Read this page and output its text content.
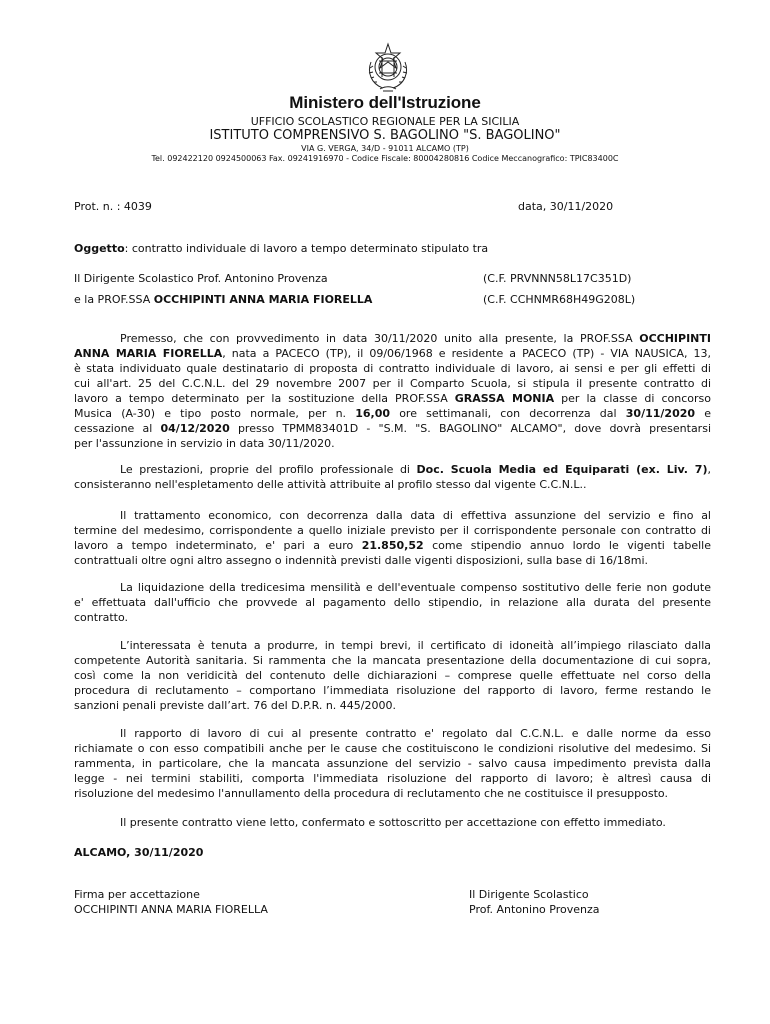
Ministero dell'Istruzione
UFFICIO SCOLASTICO REGIONALE PER LA SICILIA
ISTITUTO COMPRENSIVO S. BAGOLINO "S. BAGOLINO"
VIA G. VERGA, 34/D - 91011 ALCAMO (TP)
Tel. 092422120 0924500063 Fax. 09241916970 - Codice Fiscale: 80004280816 Codice Meccanografico: TPIC83400C
Prot. n. : 4039	data, 30/11/2020
Oggetto: contratto individuale di lavoro a tempo determinato stipulato tra
Il Dirigente Scolastico Prof. Antonino Provenza	(C.F. PRVNNN58L17C351D)
e la PROF.SSA OCCHIPINTI ANNA MARIA FIORELLA	(C.F. CCHNMR68H49G208L)
Premesso, che con provvedimento in data 30/11/2020 unito alla presente, la PROF.SSA OCCHIPINTI
ANNA MARIA FIORELLA, nata a PACECO (TP), il 09/06/1968 e residente a PACECO (TP) - VIA NAUSICA, 13,
è stata individuato quale destinatario di proposta di contratto individuale di lavoro, ai sensi e per gli effetti di
cui all'art. 25 del C.C.N.L. del 29 novembre 2007 per il Comparto Scuola, si stipula il presente contratto di
lavoro a tempo determinato per la sostituzione della PROF.SSA GRASSA MONIA per la classe di concorso
Musica (A-30) e tipo posto normale, per n. 16,00 ore settimanali, con decorrenza dal 30/11/2020 e
cessazione al 04/12/2020 presso TPMM83401D - "S.M. "S. BAGOLINO" ALCAMO", dove dovrà presentarsi
per l'assunzione in servizio in data 30/11/2020.
Le prestazioni, proprie del profilo professionale di Doc. Scuola Media ed Equiparati (ex. Liv. 7),
consisteranno nell'espletamento delle attività attribuite al profilo stesso dal vigente C.C.N.L..
Il trattamento economico, con decorrenza dalla data di effettiva assunzione del servizio e fino al
termine del medesimo, corrispondente a quello iniziale previsto per il corrispondente personale con contratto di
lavoro a tempo indeterminato, e' pari a euro 21.850,52 come stipendio annuo lordo le vigenti tabelle
contrattuali oltre ogni altro assegno o indennità previsti dalle vigenti disposizioni, sulla base di 16/18mi.
La liquidazione della tredicesima mensilità e dell'eventuale compenso sostitutivo delle ferie non godute
e' effettuata dall'ufficio che provvede al pagamento dello stipendio, in relazione alla durata del presente
contratto.
L’interessata è tenuta a produrre, in tempi brevi, il certificato di idoneità all’impiego rilasciato dalla
competente Autorità sanitaria. Si rammenta che la mancata presentazione della documentazione di cui sopra,
così come la non veridicità del contenuto delle dichiarazioni – comprese quelle effettuate nel corso della
procedura di reclutamento – comportano l’immediata risoluzione del rapporto di lavoro, ferme restando le
sanzioni penali previste dall’art. 76 del D.P.R. n. 445/2000.
Il rapporto di lavoro di cui al presente contratto e' regolato dal C.C.N.L. e dalle norme da esso
richiamate o con esso compatibili anche per le cause che costituiscono le condizioni risolutive del medesimo. Si
rammenta, in particolare, che la mancata assunzione del servizio - salvo causa impedimento prevista dalla
legge - nei termini stabiliti, comporta l'immediata risoluzione del rapporto di lavoro; è altresì causa di
risoluzione del medesimo l'annullamento della procedura di reclutamento che ne costituisce il presupposto.
Il presente contratto viene letto, confermato e sottoscritto per accettazione con effetto immediato.
ALCAMO, 30/11/2020
Firma per accettazione
OCCHIPINTI ANNA MARIA FIORELLA
Il Dirigente Scolastico
Prof. Antonino Provenza
